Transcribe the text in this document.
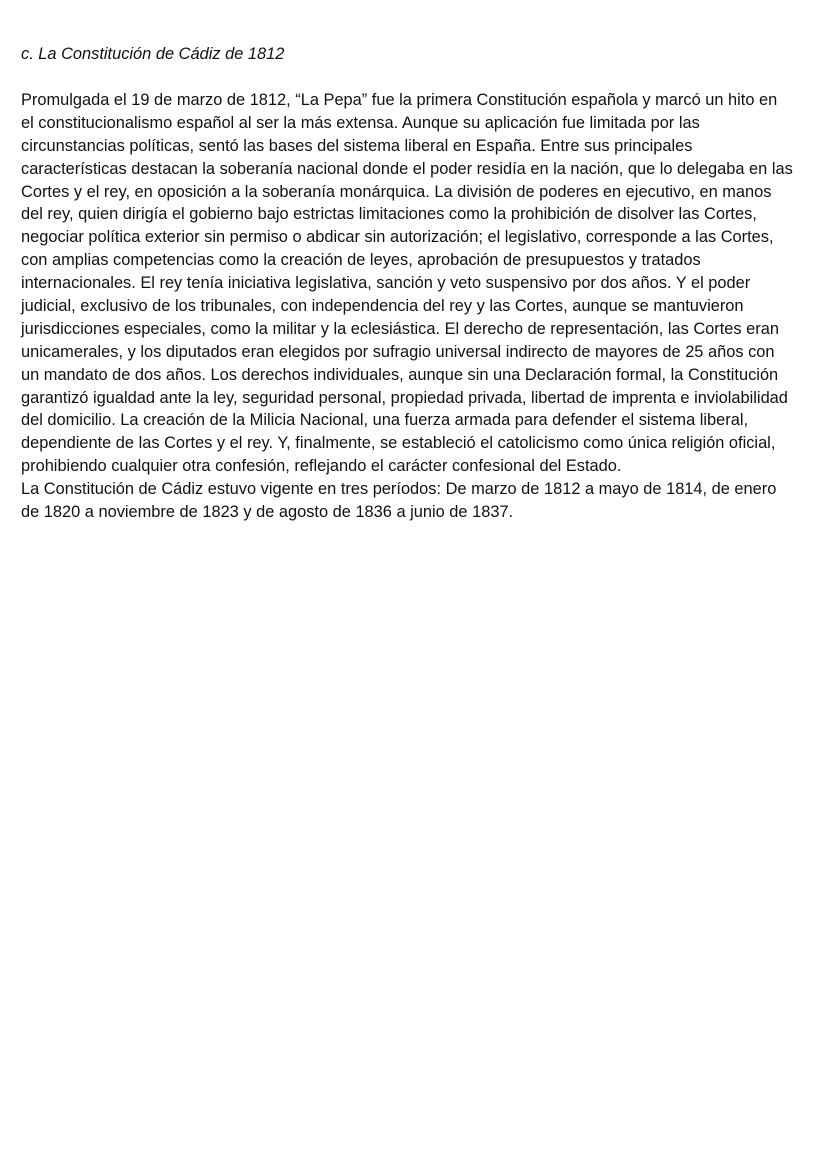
c. La Constitución de Cádiz de 1812
Promulgada el 19 de marzo de 1812, “La Pepa” fue la primera Constitución española y marcó un hito en
el constitucionalismo español al ser la más extensa. Aunque su aplicación fue limitada por las
circunstancias políticas, sentó las bases del sistema liberal en España. Entre sus principales
características destacan la soberanía nacional donde el poder residía en la nación, que lo delegaba en las
Cortes y el rey, en oposición a la soberanía monárquica. La división de poderes en ejecutivo, en manos
del rey, quien dirigía el gobierno bajo estrictas limitaciones como la prohibición de disolver las Cortes,
negociar política exterior sin permiso o abdicar sin autorización; el legislativo, corresponde a las Cortes,
con amplias competencias como la creación de leyes, aprobación de presupuestos y tratados
internacionales. El rey tenía iniciativa legislativa, sanción y veto suspensivo por dos años. Y el poder
judicial, exclusivo de los tribunales, con independencia del rey y las Cortes, aunque se mantuvieron
jurisdicciones especiales, como la militar y la eclesiástica. El derecho de representación, las Cortes eran
unicamerales, y los diputados eran elegidos por sufragio universal indirecto de mayores de 25 años con
un mandato de dos años. Los derechos individuales, aunque sin una Declaración formal, la Constitución
garantizó igualdad ante la ley, seguridad personal, propiedad privada, libertad de imprenta e inviolabilidad
del domicilio. La creación de la Milicia Nacional, una fuerza armada para defender el sistema liberal,
dependiente de las Cortes y el rey. Y, finalmente, se estableció el catolicismo como única religión oficial,
prohibiendo cualquier otra confesión, reflejando el carácter confesional del Estado.
La Constitución de Cádiz estuvo vigente en tres períodos: De marzo de 1812 a mayo de 1814, de enero
de 1820 a noviembre de 1823 y de agosto de 1836 a junio de 1837.
